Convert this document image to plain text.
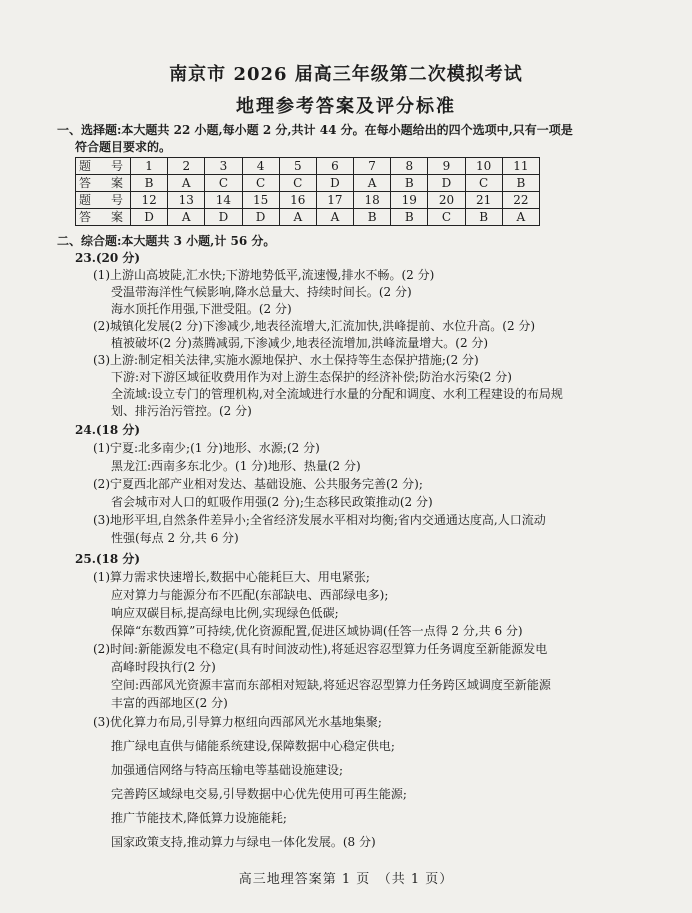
南京市 2026 届高三年级第二次模拟考试
地理参考答案及评分标准
一、选择题:本大题共 22 小题,每小题 2 分,共计 44 分。在每小题给出的四个选项中,只有一项是
符合题目要求的。
题　号	1	2	3	4	5	6	7	8	9	10	11
答　案	B	A	C	C	C	D	A	B	D	C	B
题　号	12	13	14	15	16	17	18	19	20	21	22
答　案	D	A	D	D	A	A	B	B	C	B	A
二、综合题:本大题共 3 小题,计 56 分。
23.(20 分)
(1)上游山高坡陡,汇水快;下游地势低平,流速慢,排水不畅。(2 分)
受温带海洋性气候影响,降水总量大、持续时间长。(2 分)
海水顶托作用强,下泄受阻。(2 分)
(2)城镇化发展(2 分)下渗减少,地表径流增大,汇流加快,洪峰提前、水位升高。(2 分)
植被破坏(2 分)蒸腾减弱,下渗减少,地表径流增加,洪峰流量增大。(2 分)
(3)上游:制定相关法律,实施水源地保护、水土保持等生态保护措施;(2 分)
下游:对下游区域征收费用作为对上游生态保护的经济补偿;防治水污染(2 分)
全流域:设立专门的管理机构,对全流域进行水量的分配和调度、水利工程建设的布局规
划、排污治污管控。(2 分)
24.(18 分)
(1)宁夏:北多南少;(1 分)地形、水源;(2 分)
黑龙江:西南多东北少。(1 分)地形、热量(2 分)
(2)宁夏西北部产业相对发达、基础设施、公共服务完善(2 分);
省会城市对人口的虹吸作用强(2 分);生态移民政策推动(2 分)
(3)地形平坦,自然条件差异小;全省经济发展水平相对均衡;省内交通通达度高,人口流动
性强(每点 2 分,共 6 分)
25.(18 分)
(1)算力需求快速增长,数据中心能耗巨大、用电紧张;
应对算力与能源分布不匹配(东部缺电、西部绿电多);
响应双碳目标,提高绿电比例,实现绿色低碳;
保障“东数西算”可持续,优化资源配置,促进区域协调(任答一点得 2 分,共 6 分)
(2)时间:新能源发电不稳定(具有时间波动性),将延迟容忍型算力任务调度至新能源发电
高峰时段执行(2 分)
空间:西部风光资源丰富而东部相对短缺,将延迟容忍型算力任务跨区域调度至新能源
丰富的西部地区(2 分)
(3)优化算力布局,引导算力枢纽向西部风光水基地集聚;
推广绿电直供与储能系统建设,保障数据中心稳定供电;
加强通信网络与特高压输电等基础设施建设;
完善跨区域绿电交易,引导数据中心优先使用可再生能源;
推广节能技术,降低算力设施能耗;
国家政策支持,推动算力与绿电一体化发展。(8 分)
高三地理答案第 1 页　（共 1 页）
